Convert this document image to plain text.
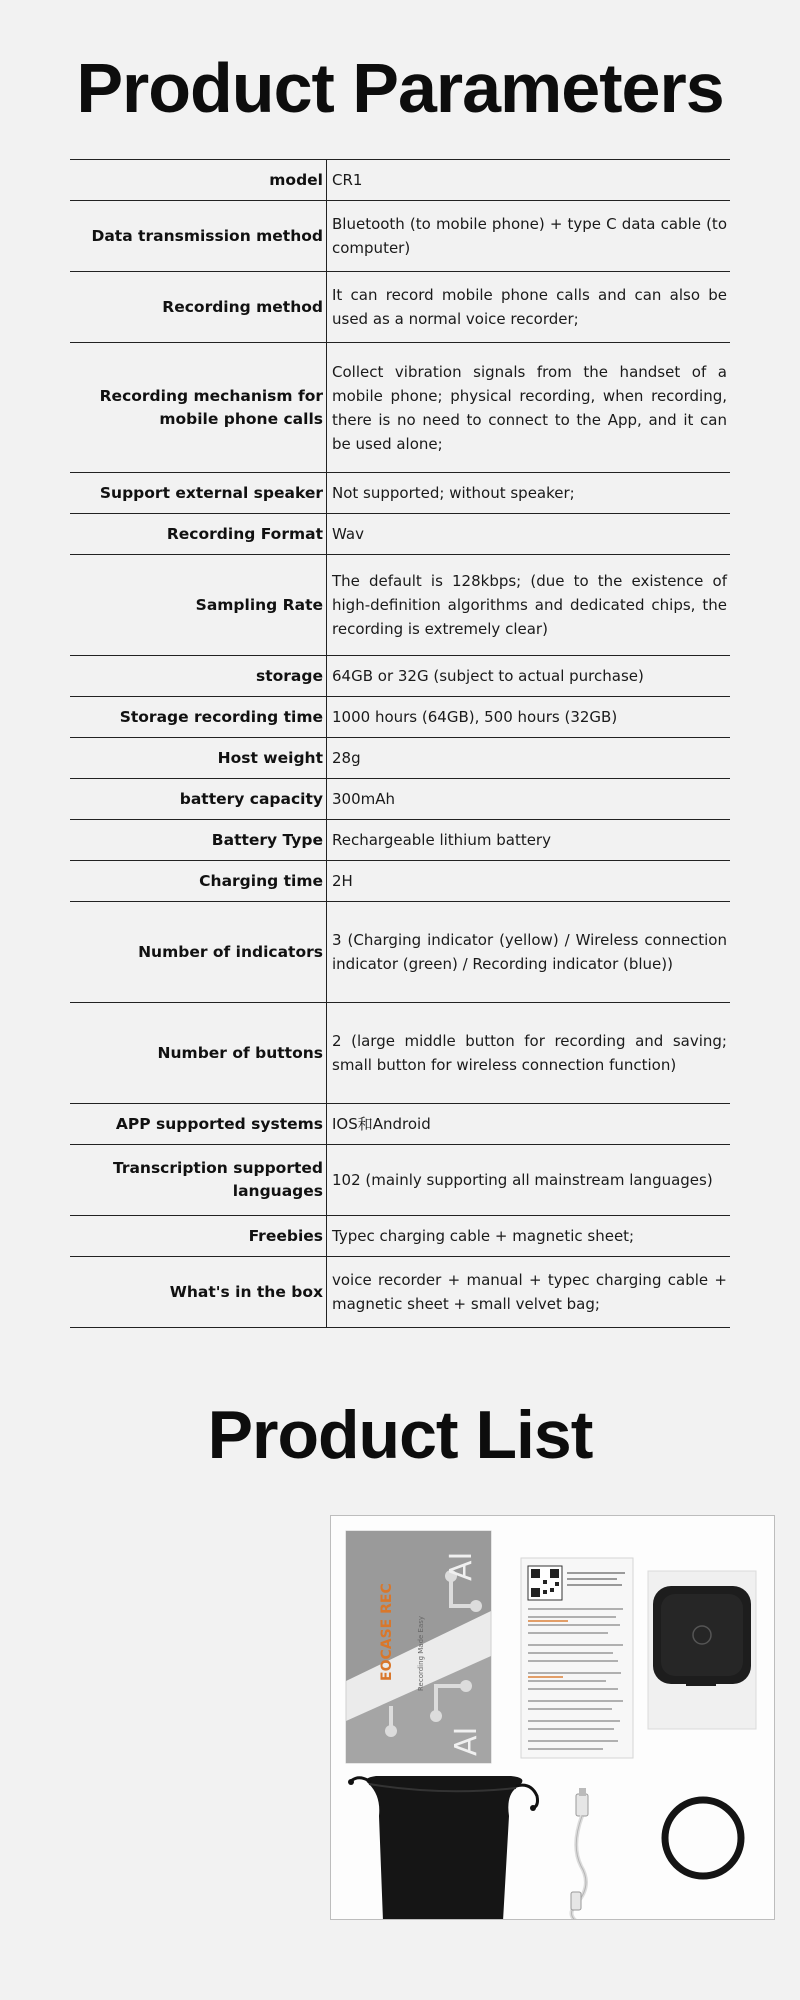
Product Parameters
model CR1
Data transmission method
Bluetooth (to mobile phone) + type C data cable (to computer)
Recording method
It can record mobile phone calls and can also be used as a normal voice recorder;
Recording mechanism for mobile phone calls
Collect vibration signals from the handset of a mobile phone; physical recording, when recording, there is no need to connect to the App, and it can be used alone;
Support external speaker Not supported; without speaker;
Recording Format Wav
Sampling Rate
The default is 128kbps; (due to the existence of high-definition algorithms and dedicated chips, the recording is extremely clear)
storage 64GB or 32G (subject to actual purchase)
Storage recording time 1000 hours (64GB), 500 hours (32GB)
Host weight 28g
battery capacity 300mAh
Battery Type Rechargeable lithium battery
Charging time 2H
Number of indicators
3 (Charging indicator (yellow) / Wireless connection indicator (green) / Recording indicator (blue))
Number of buttons
2 (large middle button for recording and saving; small button for wireless connection function)
APP supported systems IOS和Android
Transcription supported languages
102 (mainly supporting all mainstream languages)
Freebies Typec charging cable + magnetic sheet;
What's in the box
voice recorder + manual + typec charging cable + magnetic sheet + small velvet bag;
Product List
EOCASE REC	Recording Made Easy
AI
AI
